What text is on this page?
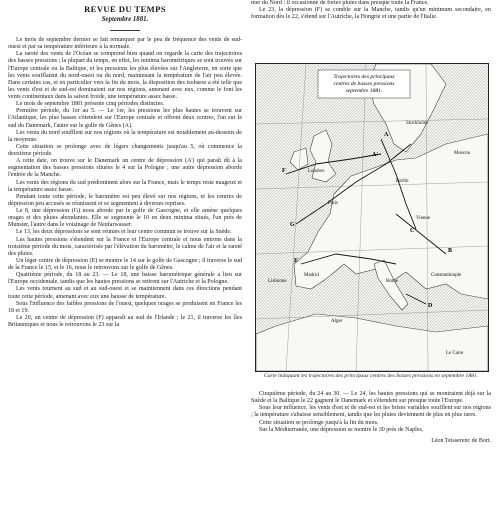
REVUE DU TEMPS
Septembre 1881.

Le mois de septembre dernier se fait remarquer par le peu de fréquence des vents de sud-ouest et par sa température inférieure à la normale.

La rareté des vents de l'Océan se comprend bien quand on regarde la carte des trajectoires des basses pressions ; la plupart du temps, en effet, les minima barométriques se sont trouvés sur l'Europe centrale ou la Baltique, et les pressions les plus élevées sur l'Angleterre, en sorte que les vents soufflaient du nord-ouest ou du nord, maintenant la température de l'air peu élevée. Dans certains cas, et en particulier vers la fin du mois, la disposition des isobares a été telle que les vents d'est et de sud-est dominaient sur nos régions, amenant avec eux, comme le font les vents continentaux dans la saison froide, une température assez basse.

Le mois de septembre 1881 présente cinq périodes distinctes.

Première période, du 1er au 5. — Le 1er, les pressions les plus hautes se trouvent sur l'Atlantique, les plus basses s'étendent sur l'Europe centrale et offrent deux centres, l'un sur le sud du Danemark, l'autre sur le golfe de Gênes (A).

Les vents du nord soufflent sur nos régions où la température est notablement au-dessous de la moyenne.

Cette situation se prolonge avec de légers changements jusqu'au 5, où commence la deuxième période.

A cette date, on trouve sur le Danemark un centre de dépression (A') qui paraît dû à la segmentation des basses pressions situées le 4 sur la Pologne ; une autre dépression aborde l'entrée de la Manche.

Les vents des régions du sud prédominent alors sur la France, mais le temps reste nuageux et la température assez basse.

Pendant toute cette période, le baromètre est peu élevé sur nos régions, et les centres de dépression peu accusés se réunissent et se segmentent à diverses reprises.

Le 8, une dépression (G) nous aborde par le golfe de Gascogne, et elle amène quelques orages et des pluies abondantes. Elle se segmente le 10 en deux minima situés, l'un près de Munster, l'autre dans le voisinage de Neufarwasser.

Le 13, les deux dépressions se sont réunies et leur centre commun se trouve sur la Suède.

Les hautes pressions s'étendent sur la France et l'Europe centrale et nous entrons dans la troisième période du mois, caractérisée par l'élévation du baromètre, le calme de l'air et la rareté des pluies.

Un léger centre de dépression (E) se montre le 14 sur le golfe de Gascogne ; il traverse le sud de la France le 15, et le 16, nous le retrouvons sur le golfe de Gênes.

Quatrième période, du 18 au 23. — Le 18, une baisse barométrique générale a lieu sur l'Europe occidentale, tandis que les hautes pressions se retirent sur l'Autriche et la Pologne.

Les vents tournent au sud et au sud-ouest et se maintiennent dans ces directions pendant toute cette période, amenant avec eux une hausse de température.

Sous l'influence des faibles pressions de l'ouest, quelques orages se produisent en France les 18 et 19.

Le 20, un centre de dépression (F) apparaît au sud de l'Irlande ; le 21, il traverse les îles Britanniques et nous le retrouvons le 23 sur la

mer du Nord : il occasionne de fortes pluies dans presque toute la France.

Le 23, la dépression (F) se comble sur la Manche, tandis qu'un minimum secondaire, en formation dès le 22, s'étend sur l'Autriche, la Hongrie et une partie de l'Italie.

Trajectoires des principaux
centres de basses pressions
septembre 1881.
Londres
Paris
Madrid
Lisbonne	Rome
Alger
Le Caire
Berlin
Vienne
Constantinople
Moscou
Stockholm
A
A'
B
C
D
E
F
G
Carte indiquant les trajectoires des principaux centres des basses pressions en septembre 1881.

Cinquième période, du 24 au 30. — Le 24, les hautes pressions qui se montraient déjà sur la Suède et la Baltique le 22 gagnent le Danemark et s'étendent sur presque toute l'Europe.

Sous leur influence, les vents d'est et de sud-est et les brises variables soufflent sur nos régions ; la température s'abaisse sensiblement, tandis que les pluies deviennent de plus en plus rares.

Cette situation se prolonge jusqu'à la fin du mois.

Sur la Méditerranée, une dépression se montre le 30 près de Naples.

Léon Teisserenc de Bort.
